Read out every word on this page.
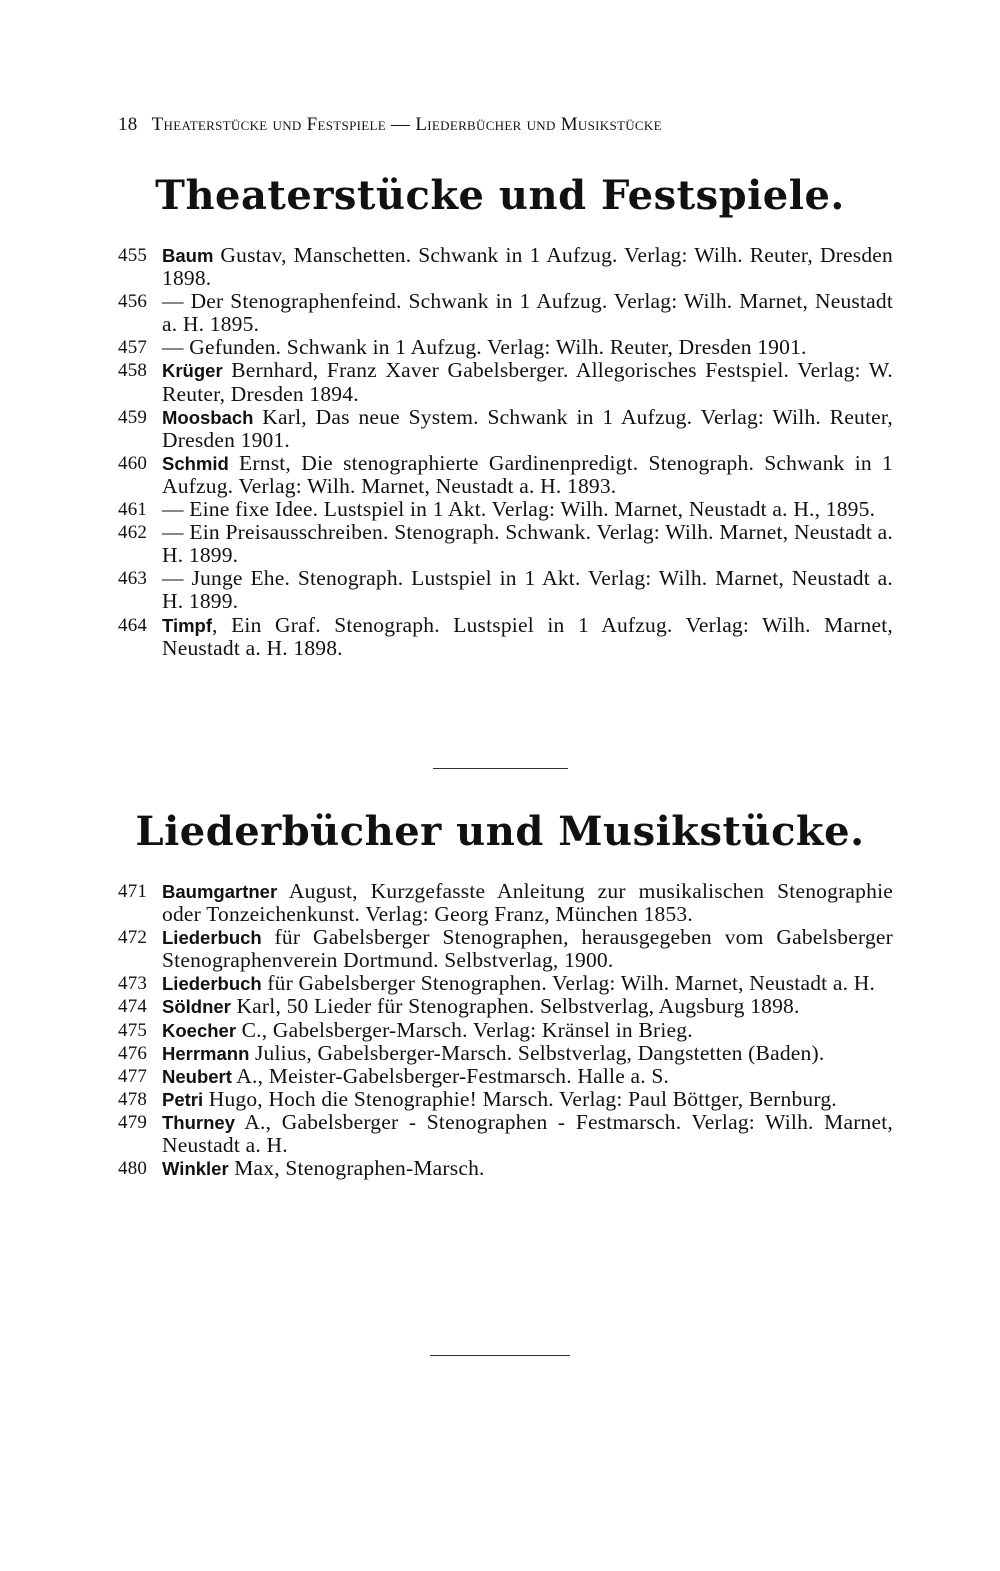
18 Theaterstücke und Festspiele — Liederbücher und Musikstücke
Theaterstücke und Festspiele.
455 Baum Gustav, Manschetten. Schwank in 1 Aufzug. Verlag: Wilh. Reuter, Dresden 1898.
456 — Der Stenographenfeind. Schwank in 1 Aufzug. Verlag: Wilh. Marnet, Neustadt a. H. 1895.
457 — Gefunden. Schwank in 1 Aufzug. Verlag: Wilh. Reuter, Dresden 1901.
458 Krüger Bernhard, Franz Xaver Gabelsberger. Allegorisches Festspiel. Verlag: W. Reuter, Dresden 1894.
459 Moosbach Karl, Das neue System. Schwank in 1 Aufzug. Verlag: Wilh. Reuter, Dresden 1901.
460 Schmid Ernst, Die stenographierte Gardinenpredigt. Stenograph. Schwank in 1 Aufzug. Verlag: Wilh. Marnet, Neustadt a. H. 1893.
461 — Eine fixe Idee. Lustspiel in 1 Akt. Verlag: Wilh. Marnet, Neustadt a. H., 1895.
462 — Ein Preisausschreiben. Stenograph. Schwank. Verlag: Wilh. Marnet, Neustadt a. H. 1899.
463 — Junge Ehe. Stenograph. Lustspiel in 1 Akt. Verlag: Wilh. Marnet, Neustadt a. H. 1899.
464 Timpf, Ein Graf. Stenograph. Lustspiel in 1 Aufzug. Verlag: Wilh. Marnet, Neustadt a. H. 1898.
Liederbücher und Musikstücke.
471 Baumgartner August, Kurzgefasste Anleitung zur musikalischen Stenographie oder Tonzeichenkunst. Verlag: Georg Franz, München 1853.
472 Liederbuch für Gabelsberger Stenographen, herausgegeben vom Gabelsberger Stenographenverein Dortmund. Selbstverlag, 1900.
473 Liederbuch für Gabelsberger Stenographen. Verlag: Wilh. Marnet, Neustadt a. H.
474 Söldner Karl, 50 Lieder für Stenographen. Selbstverlag, Augsburg 1898.
475 Koecher C., Gabelsberger-Marsch. Verlag: Kränsel in Brieg.
476 Herrmann Julius, Gabelsberger-Marsch. Selbstverlag, Dangstetten (Baden).
477 Neubert A., Meister-Gabelsberger-Festmarsch. Halle a. S.
478 Petri Hugo, Hoch die Stenographie! Marsch. Verlag: Paul Böttger, Bernburg.
479 Thurney A., Gabelsberger - Stenographen - Festmarsch. Verlag: Wilh. Marnet, Neustadt a. H.
480 Winkler Max, Stenographen-Marsch.
